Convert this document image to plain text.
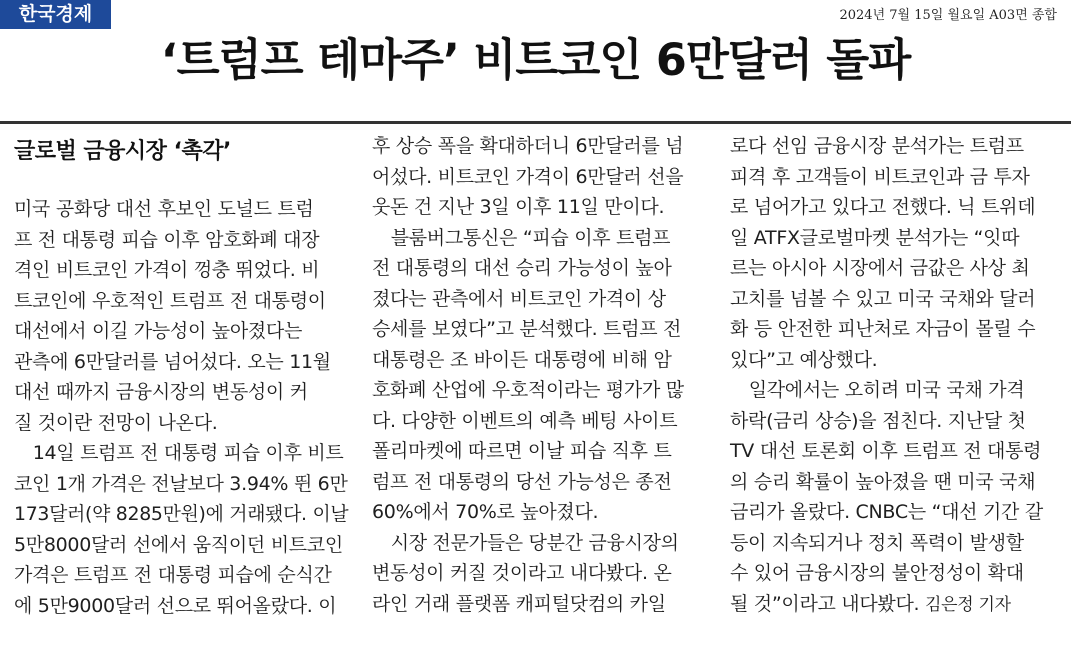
한국경제	2024년 7월 15일 월요일 A03면 종합
‘트럼프 테마주’ 비트코인 6만달러 돌파
글로벌 금융시장 ‘촉각’
미국 공화당 대선 후보인 도널드 트럼
프 전 대통령 피습 이후 암호화폐 대장
격인 비트코인 가격이 껑충 뛰었다. 비
트코인에 우호적인 트럼프 전 대통령이
대선에서 이길 가능성이 높아졌다는
관측에 6만달러를 넘어섰다. 오는 11월
대선 때까지 금융시장의 변동성이 커
질 것이란 전망이 나온다.
　14일 트럼프 전 대통령 피습 이후 비트
코인 1개 가격은 전날보다 3.94% 뛴 6만
173달러(약 8285만원)에 거래됐다. 이날
5만8000달러 선에서 움직이던 비트코인
가격은 트럼프 전 대통령 피습에 순식간
에 5만9000달러 선으로 뛰어올랐다. 이
후 상승 폭을 확대하더니 6만달러를 넘
어섰다. 비트코인 가격이 6만달러 선을
웃돈 건 지난 3일 이후 11일 만이다.
　블룸버그통신은 “피습 이후 트럼프
전 대통령의 대선 승리 가능성이 높아
졌다는 관측에서 비트코인 가격이 상
승세를 보였다”고 분석했다. 트럼프 전
대통령은 조 바이든 대통령에 비해 암
호화폐 산업에 우호적이라는 평가가 많
다. 다양한 이벤트의 예측 베팅 사이트
폴리마켓에 따르면 이날 피습 직후 트
럼프 전 대통령의 당선 가능성은 종전
60%에서 70%로 높아졌다.
　시장 전문가들은 당분간 금융시장의
변동성이 커질 것이라고 내다봤다. 온
라인 거래 플랫폼 캐피털닷컴의 카일
로다 선임 금융시장 분석가는 트럼프
피격 후 고객들이 비트코인과 금 투자
로 넘어가고 있다고 전했다. 닉 트위데
일 ATFX글로벌마켓 분석가는 “잇따
르는 아시아 시장에서 금값은 사상 최
고치를 넘볼 수 있고 미국 국채와 달러
화 등 안전한 피난처로 자금이 몰릴 수
있다”고 예상했다.
　일각에서는 오히려 미국 국채 가격
하락(금리 상승)을 점친다. 지난달 첫
TV 대선 토론회 이후 트럼프 전 대통령
의 승리 확률이 높아졌을 땐 미국 국채
금리가 올랐다. CNBC는 “대선 기간 갈
등이 지속되거나 정치 폭력이 발생할
수 있어 금융시장의 불안정성이 확대
될 것”이라고 내다봤다. 김은정 기자
